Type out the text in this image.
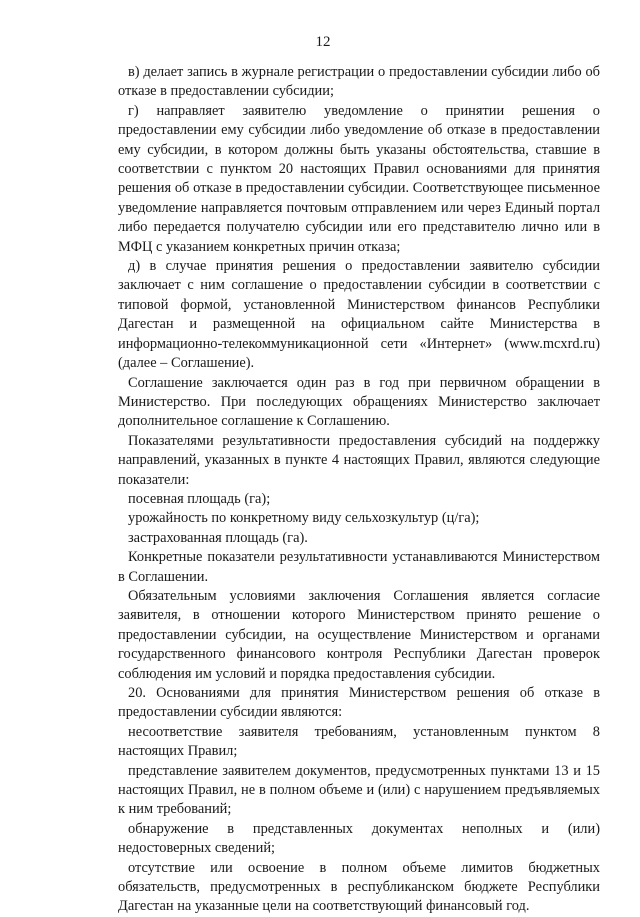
12

в) делает запись в журнале регистрации о предоставлении субсидии либо об отказе в предоставлении субсидии;

г) направляет заявителю уведомление о принятии решения о предоставлении ему субсидии либо уведомление об отказе в предоставлении ему субсидии, в котором должны быть указаны обстоятельства, ставшие в соответствии с пунктом 20 настоящих Правил основаниями для принятия решения об отказе в предоставлении субсидии. Соответствующее письменное уведомление направляется почтовым отправлением или через Единый портал либо передается получателю субсидии или его представителю лично или в МФЦ с указанием конкретных причин отказа;

д) в случае принятия решения о предоставлении заявителю субсидии заключает с ним соглашение о предоставлении субсидии в соответствии с типовой формой, установленной Министерством финансов Республики Дагестан и размещенной на официальном сайте Министерства в информационно-телекоммуникационной сети «Интернет» (www.mcxrd.ru) (далее – Соглашение).

Соглашение заключается один раз в год при первичном обращении в Министерство. При последующих обращениях Министерство заключает дополнительное соглашение к Соглашению.

Показателями результативности предоставления субсидий на поддержку направлений, указанных в пункте 4 настоящих Правил, являются следующие показатели:

посевная площадь (га);

урожайность по конкретному виду сельхозкультур (ц/га);

застрахованная площадь (га).

Конкретные показатели результативности устанавливаются Министерством в Соглашении.

Обязательным условиями заключения Соглашения является согласие заявителя, в отношении которого Министерством принято решение о предоставлении субсидии, на осуществление Министерством и органами государственного финансового контроля Республики Дагестан проверок соблюдения им условий и порядка предоставления субсидии.

20. Основаниями для принятия Министерством решения об отказе в предоставлении субсидии являются:

несоответствие заявителя требованиям, установленным пунктом 8 настоящих Правил;

представление заявителем документов, предусмотренных пунктами 13 и 15 настоящих Правил, не в полном объеме и (или) с нарушением предъявляемых к ним требований;

обнаружение в представленных документах неполных и (или) недостоверных сведений;

отсутствие или освоение в полном объеме лимитов бюджетных обязательств, предусмотренных в республиканском бюджете Республики Дагестан на указанные цели на соответствующий финансовый год.
